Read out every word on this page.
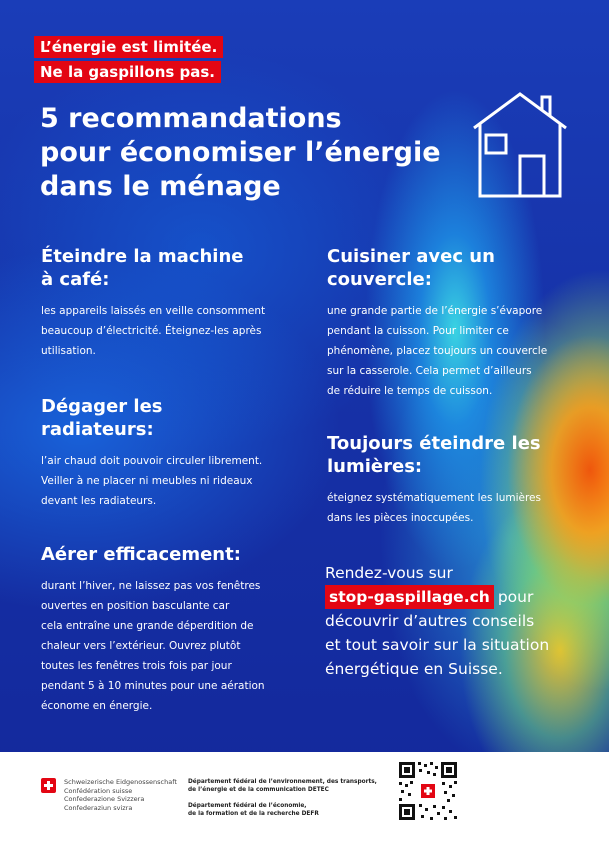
L’énergie est limitée.
Ne la gaspillons pas.
5 recommandations
pour économiser l’énergie
dans le ménage
Éteindre la machine
à café:
les appareils laissés en veille consomment
beaucoup d’électricité. Éteignez-les après
utilisation.
Dégager les
radiateurs:
l’air chaud doit pouvoir circuler librement.
Veiller à ne placer ni meubles ni rideaux
devant les radiateurs.
Aérer efficacement:
durant l’hiver, ne laissez pas vos fenêtres
ouvertes en position basculante car
cela entraîne une grande déperdition de
chaleur vers l’extérieur. Ouvrez plutôt
toutes les fenêtres trois fois par jour
pendant 5 à 10 minutes pour une aération
économe en énergie.
Cuisiner avec un
couvercle:
une grande partie de l’énergie s’évapore
pendant la cuisson. Pour limiter ce
phénomène, placez toujours un couvercle
sur la casserole. Cela permet d’ailleurs
de réduire le temps de cuisson.
Toujours éteindre les
lumières:
éteignez systématiquement les lumières
dans les pièces inoccupées.
Rendez-vous sur
stop-gaspillage.ch pour
découvrir d’autres conseils
et tout savoir sur la situation
énergétique en Suisse.
Schweizerische Eidgenossenschaft
Confédération suisse
Confederazione Svizzera
Confederaziun svizra
Département fédéral de l’environnement, des transports,
de l’énergie et de la communication DETEC
Département fédéral de l’économie,
de la formation et de la recherche DEFR
